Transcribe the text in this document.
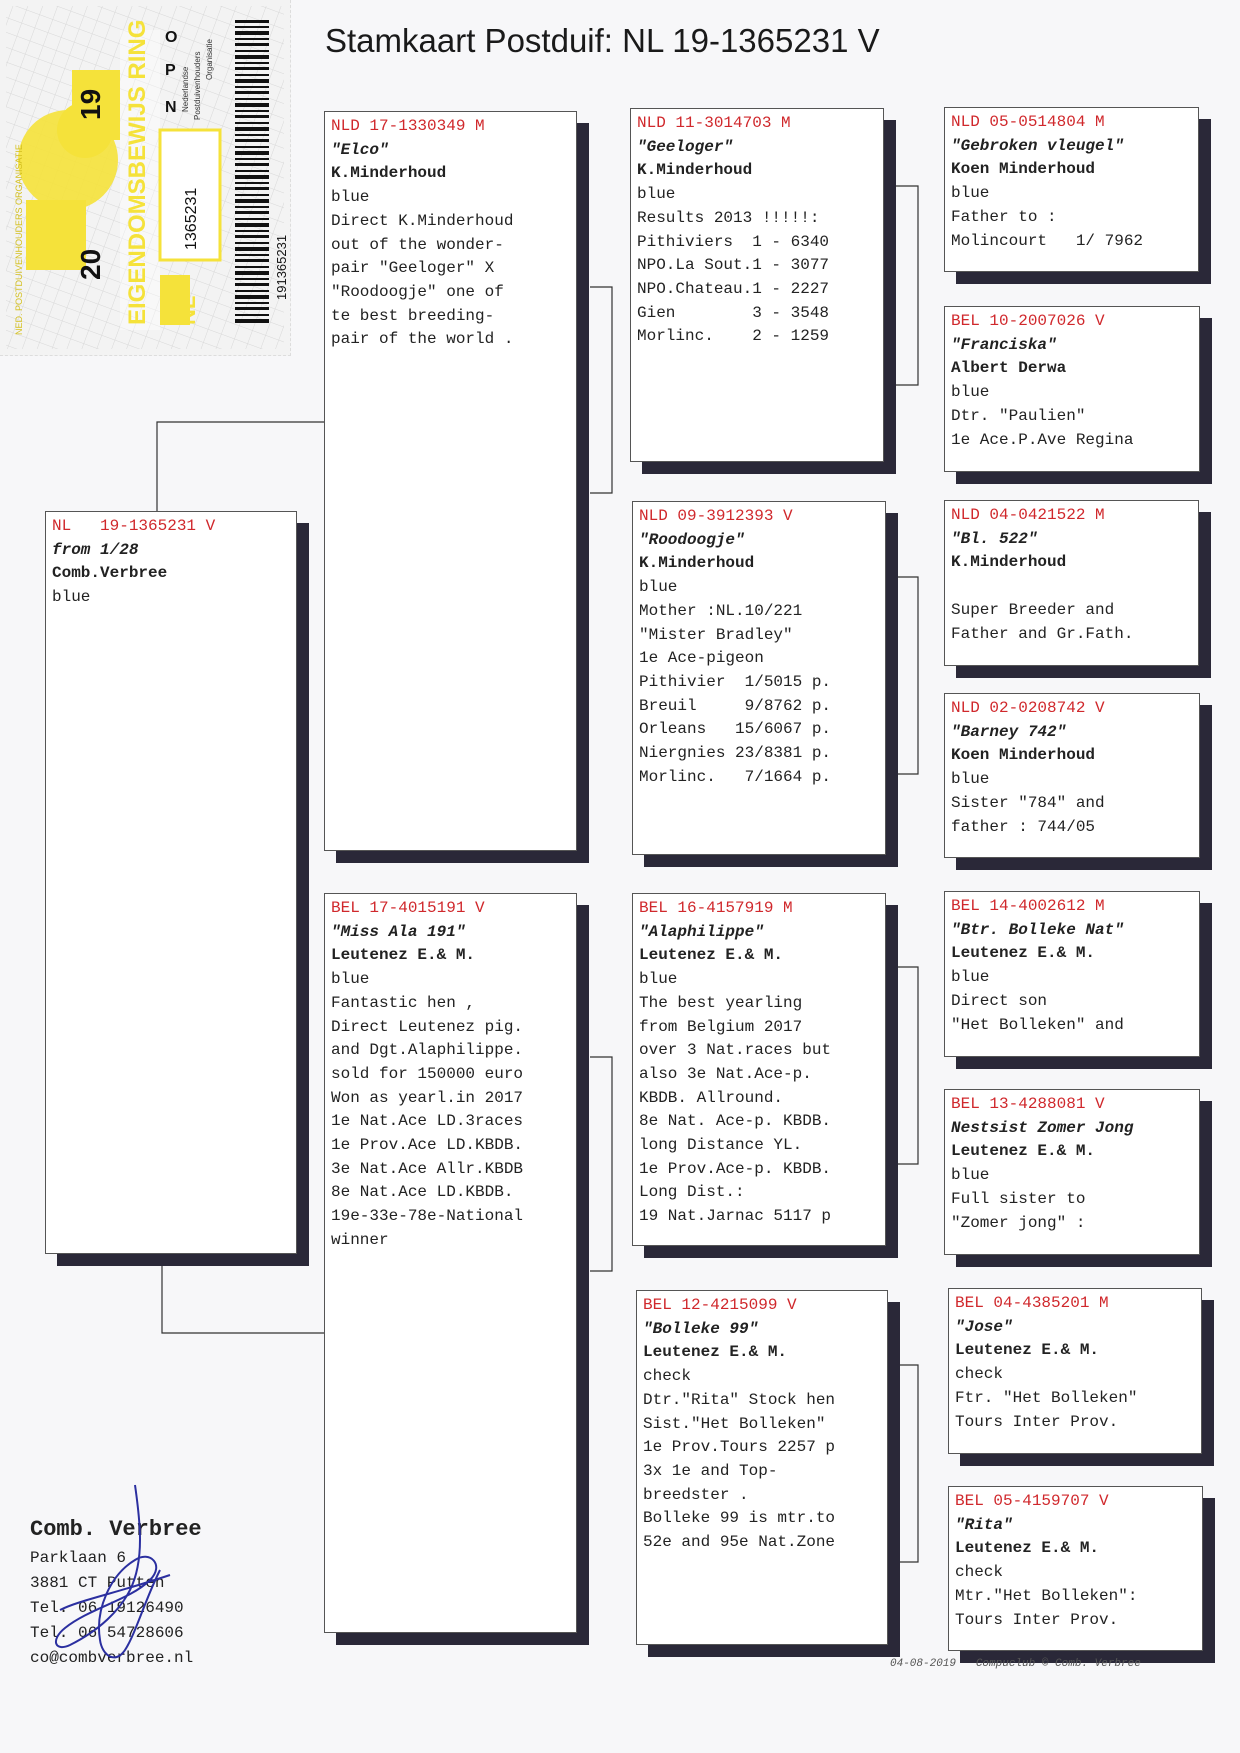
20
19
NL
1365231
191365231
EIGENDOMSBEWIJS RING
NED. POSTDUIVENHOUDERS ORGANISATIE
N
P
O
Nederlandse Postduivenhouders Organisatie	Stamkaart Postduif: NL 19-1365231 V
NL   19-1365231 V
from 1/28
Comb.Verbree
blue
NLD 17-1330349 M
"Elco"
K.Minderhoud
blue
Direct K.Minderhoud
out of the wonder-
pair "Geeloger" X
"Roodoogje" one of
te best breeding-
pair of the world .
BEL 17-4015191 V
"Miss Ala 191"
Leutenez E.& M.
blue
Fantastic hen ,
Direct Leutenez pig.
and Dgt.Alaphilippe.
sold for 150000 euro
Won as yearl.in 2017
1e Nat.Ace LD.3races
1e Prov.Ace LD.KBDB.
3e Nat.Ace Allr.KBDB
8e Nat.Ace LD.KBDB.
19e-33e-78e-National
winner
NLD 11-3014703 M
"Geeloger"
K.Minderhoud
blue
Results 2013 !!!!!:
Pithiviers  1 - 6340
NPO.La Sout.1 - 3077
NPO.Chateau.1 - 2227
Gien        3 - 3548
Morlinc.    2 - 1259
NLD 09-3912393 V
"Roodoogje"
K.Minderhoud
blue
Mother :NL.10/221
"Mister Bradley"
1e Ace-pigeon
Pithivier  1/5015 p.
Breuil     9/8762 p.
Orleans   15/6067 p.
Niergnies 23/8381 p.
Morlinc.   7/1664 p.
BEL 16-4157919 M
"Alaphilippe"
Leutenez E.& M.
blue
The best yearling
from Belgium 2017
over 3 Nat.races but
also 3e Nat.Ace-p.
KBDB. Allround.
8e Nat. Ace-p. KBDB.
long Distance YL.
1e Prov.Ace-p. KBDB.
Long Dist.:
19 Nat.Jarnac 5117 p
BEL 12-4215099 V
"Bolleke 99"
Leutenez E.& M.
check
Dtr."Rita" Stock hen
Sist."Het Bolleken"
1e Prov.Tours 2257 p
3x 1e and Top-
breedster .
Bolleke 99 is mtr.to
52e and 95e Nat.Zone
NLD 05-0514804 M
"Gebroken vleugel"
Koen Minderhoud
blue
Father to :
Molincourt   1/ 7962
BEL 10-2007026 V
"Franciska"
Albert Derwa
blue
Dtr. "Paulien"
1e Ace.P.Ave Regina
NLD 04-0421522 M
"Bl. 522"
K.Minderhoud
Super Breeder and
Father and Gr.Fath.
NLD 02-0208742 V
"Barney 742"
Koen Minderhoud
blue
Sister "784" and
father : 744/05
BEL 14-4002612 M
"Btr. Bolleke Nat"
Leutenez E.& M.
blue
Direct son
"Het Bolleken" and
BEL 13-4288081 V
Nestsist Zomer Jong
Leutenez E.& M.
blue
Full sister to
"Zomer jong" :
BEL 04-4385201 M
"Jose"
Leutenez E.& M.
check
Ftr. "Het Bolleken"
Tours Inter Prov.
BEL 05-4159707 V
"Rita"
Leutenez E.& M.
check
Mtr."Het Bolleken":
Tours Inter Prov.
Comb. Verbree
Parklaan 6
3881 CT Putten
Tel. 06 19126490
Tel. 06 54728606
co@combverbree.nl	04-08-2019   Compuclub © Comb. Verbree
